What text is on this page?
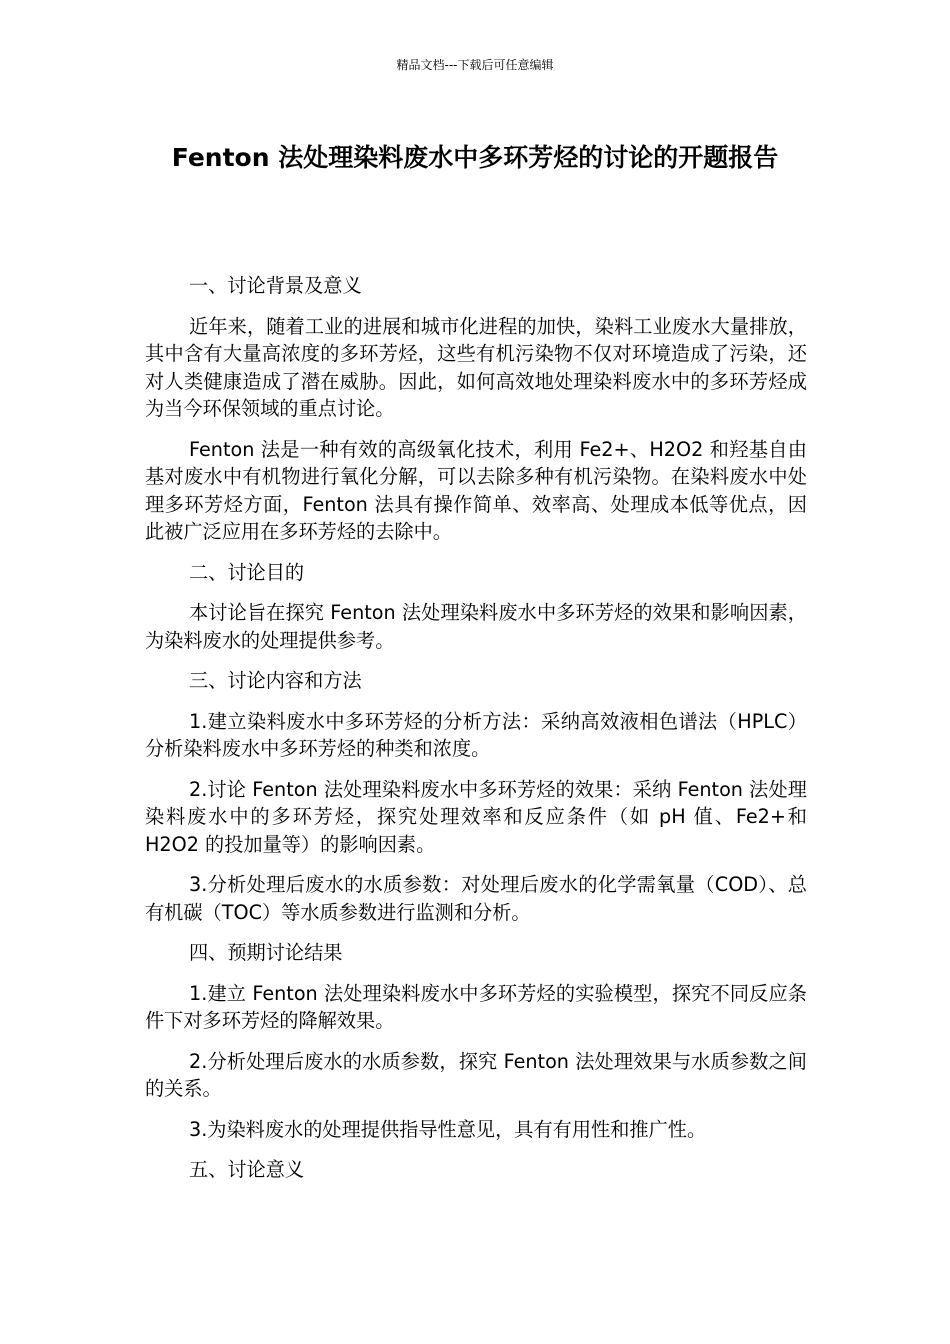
精品文档---下载后可任意编辑
Fenton 法处理染料废水中多环芳烃的讨论的开题报告

一、讨论背景及意义

近年来，随着工业的进展和城市化进程的加快，染料工业废水大量排放，其中含有大量高浓度的多环芳烃，这些有机污染物不仅对环境造成了污染，还对人类健康造成了潜在威胁。因此，如何高效地处理染料废水中的多环芳烃成为当今环保领域的重点讨论。

Fenton 法是一种有效的高级氧化技术，利用 Fe2+、H2O2 和羟基自由基对废水中有机物进行氧化分解，可以去除多种有机污染物。在染料废水中处理多环芳烃方面，Fenton 法具有操作简单、效率高、处理成本低等优点，因此被广泛应用在多环芳烃的去除中。

二、讨论目的

本讨论旨在探究 Fenton 法处理染料废水中多环芳烃的效果和影响因素，为染料废水的处理提供参考。

三、讨论内容和方法

1.建立染料废水中多环芳烃的分析方法：采纳高效液相色谱法（HPLC）分析染料废水中多环芳烃的种类和浓度。

2.讨论 Fenton 法处理染料废水中多环芳烃的效果：采纳 Fenton 法处理染料废水中的多环芳烃，探究处理效率和反应条件（如 pH 值、Fe2+和 H2O2 的投加量等）的影响因素。

3.分析处理后废水的水质参数：对处理后废水的化学需氧量（COD）、总有机碳（TOC）等水质参数进行监测和分析。

四、预期讨论结果

1.建立 Fenton 法处理染料废水中多环芳烃的实验模型，探究不同反应条件下对多环芳烃的降解效果。

2.分析处理后废水的水质参数，探究 Fenton 法处理效果与水质参数之间的关系。

3.为染料废水的处理提供指导性意见，具有有用性和推广性。

五、讨论意义
